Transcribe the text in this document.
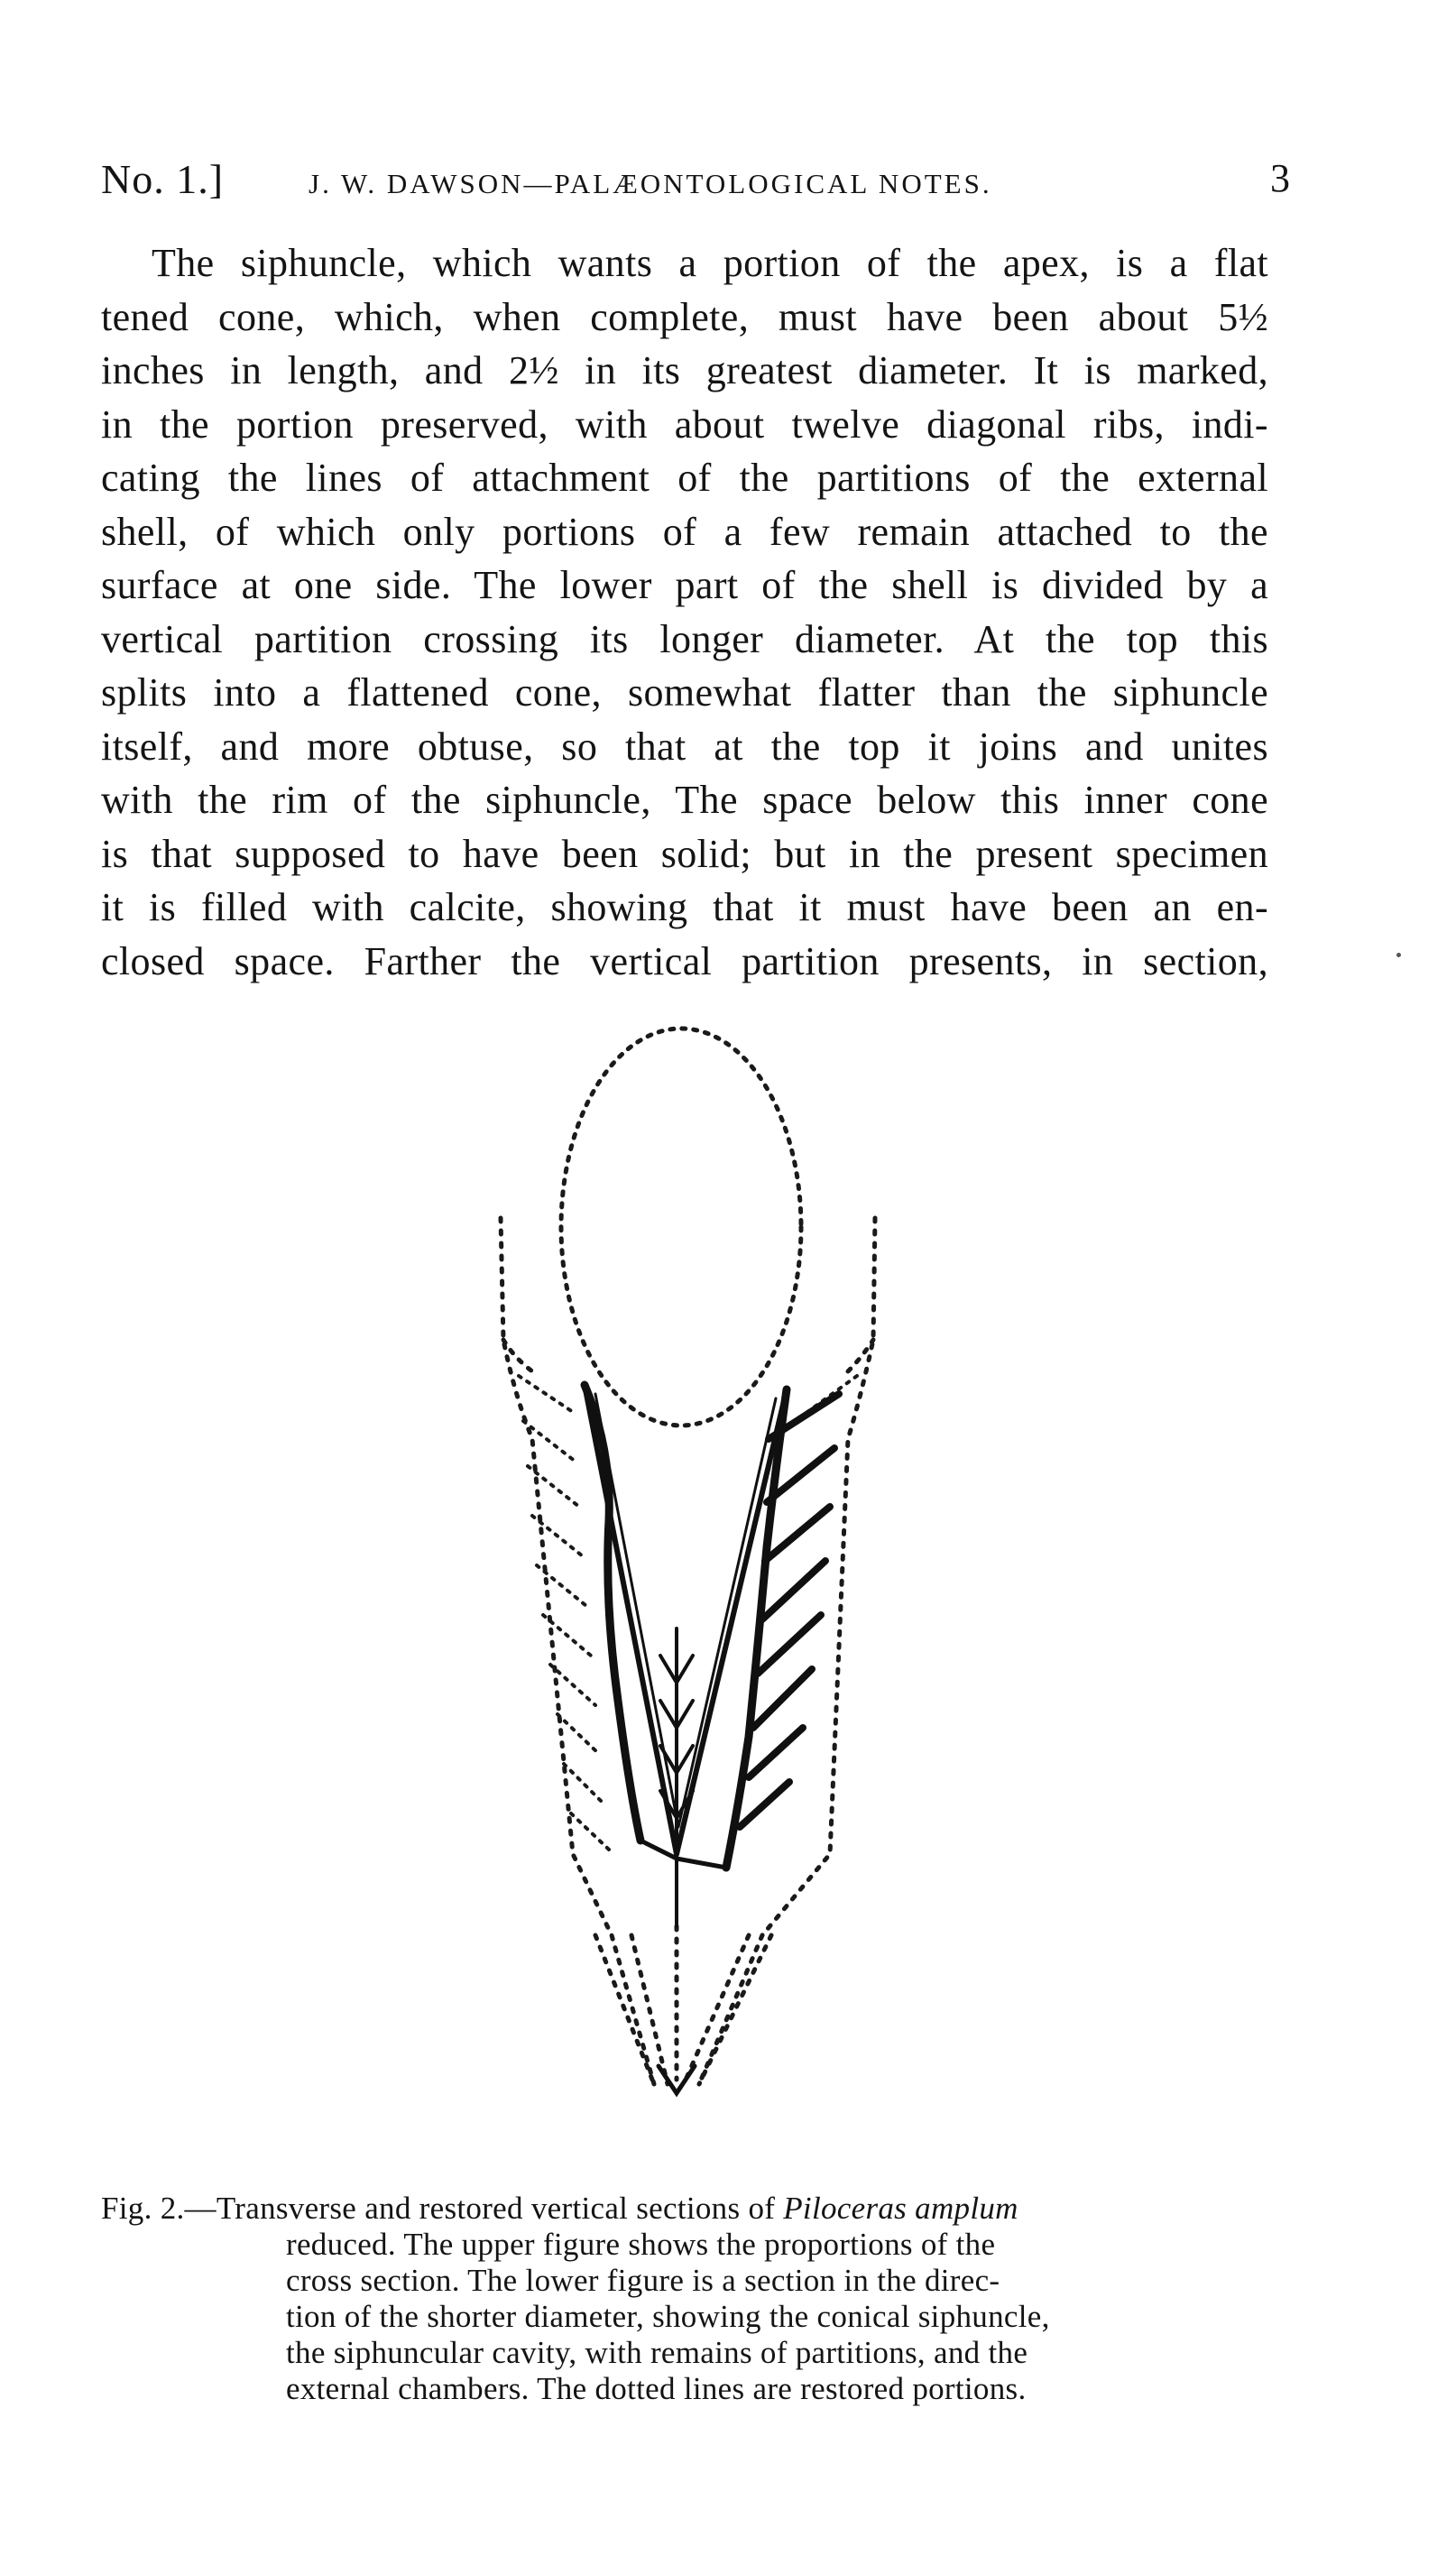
No. 1.]	J. W. DAWSON—PALÆONTOLOGICAL NOTES.	3
The siphuncle, which wants a portion of the apex, is a flat
tened cone, which, when complete, must have been about 5½
inches in length, and 2½ in its greatest diameter. It is marked,
in the portion preserved, with about twelve diagonal ribs, indi-
cating the lines of attachment of the partitions of the external
shell, of which only portions of a few remain attached to the
surface at one side. The lower part of the shell is divided by a
vertical partition crossing its longer diameter. At the top this
splits into a flattened cone, somewhat flatter than the siphuncle
itself, and more obtuse, so that at the top it joins and unites
with the rim of the siphuncle, The space below this inner cone
is that supposed to have been solid; but in the present specimen
it is filled with calcite, showing that it must have been an en-
closed space. Farther the vertical partition presents, in section,
Fig. 2.—Transverse and restored vertical sections of Piloceras amplum
reduced. The upper figure shows the proportions of the
cross section. The lower figure is a section in the direc-
tion of the shorter diameter, showing the conical siphuncle,
the siphuncular cavity, with remains of partitions, and the
external chambers. The dotted lines are restored portions.
